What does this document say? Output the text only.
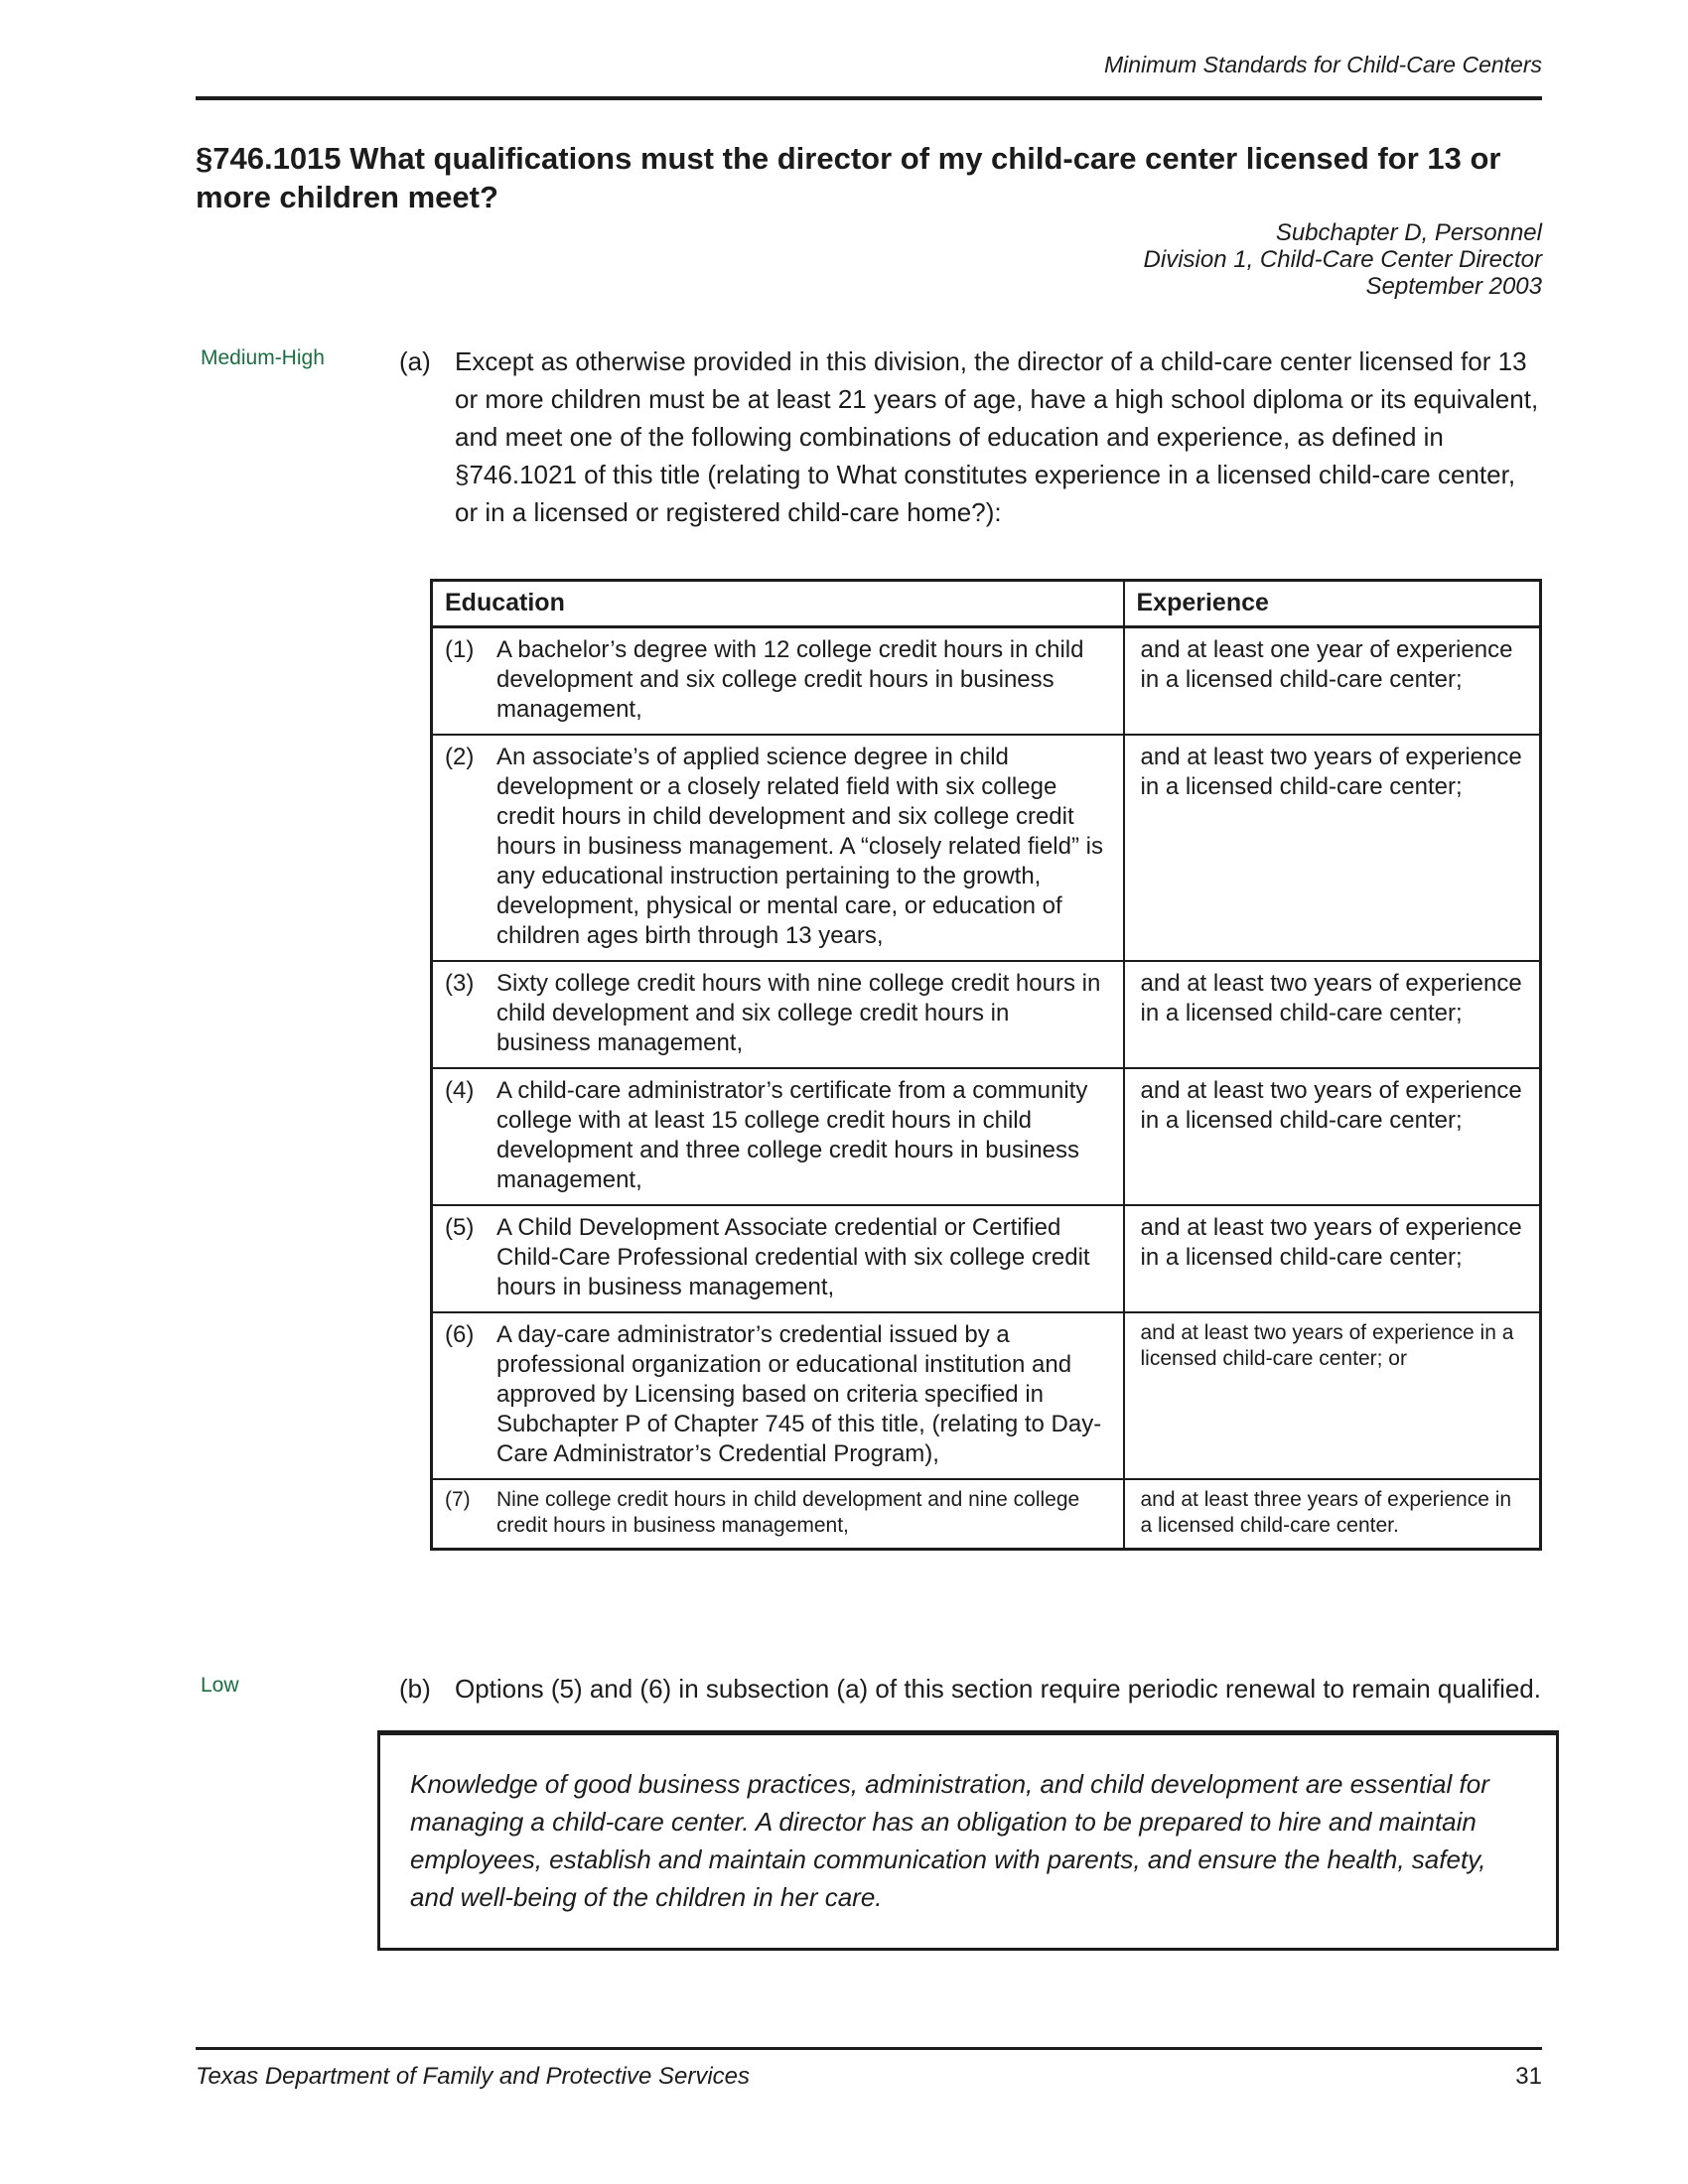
Minimum Standards for Child-Care Centers
§746.1015 What qualifications must the director of my child-care center licensed for 13 or more children meet?
Subchapter D, Personnel
Division 1, Child-Care Center Director
September 2003
Medium-High	(a) Except as otherwise provided in this division, the director of a child-care center licensed for 13 or more children must be at least 21 years of age, have a high school diploma or its equivalent, and meet one of the following combinations of education and experience, as defined in §746.1021 of this title (relating to What constitutes experience in a licensed child-care center, or in a licensed or registered child-care home?):
Education	Experience

(1) A bachelor’s degree with 12 college credit hours in child development and six college credit hours in business management,	and at least one year of experience in a licensed child-care center;

(2) An associate’s of applied science degree in child development or a closely related field with six college credit hours in child development and six college credit hours in business management. A “closely related field” is any educational instruction pertaining to the growth, development, physical or mental care, or education of children ages birth through 13 years,	and at least two years of experience in a licensed child-care center;

(3) Sixty college credit hours with nine college credit hours in child development and six college credit hours in business management,	and at least two years of experience in a licensed child-care center;

(4) A child-care administrator’s certificate from a community college with at least 15 college credit hours in child development and three college credit hours in business management,	and at least two years of experience in a licensed child-care center;

(5) A Child Development Associate credential or Certified Child-Care Professional credential with six college credit hours in business management,	and at least two years of experience in a licensed child-care center;

(6) A day-care administrator’s credential issued by a professional organization or educational institution and approved by Licensing based on criteria specified in Subchapter P of Chapter 745 of this title, (relating to Day-Care Administrator’s Credential Program),	and at least two years of experience in a licensed child-care center; or

(7) Nine college credit hours in child development and nine college credit hours in business management,	and at least three years of experience in a licensed child-care center.
Low	(b) Options (5) and (6) in subsection (a) of this section require periodic renewal to remain qualified.
Knowledge of good business practices, administration, and child development are essential for managing a child-care center. A director has an obligation to be prepared to hire and maintain employees, establish and maintain communication with parents, and ensure the health, safety, and well-being of the children in her care.
Texas Department of Family and Protective Services	31
